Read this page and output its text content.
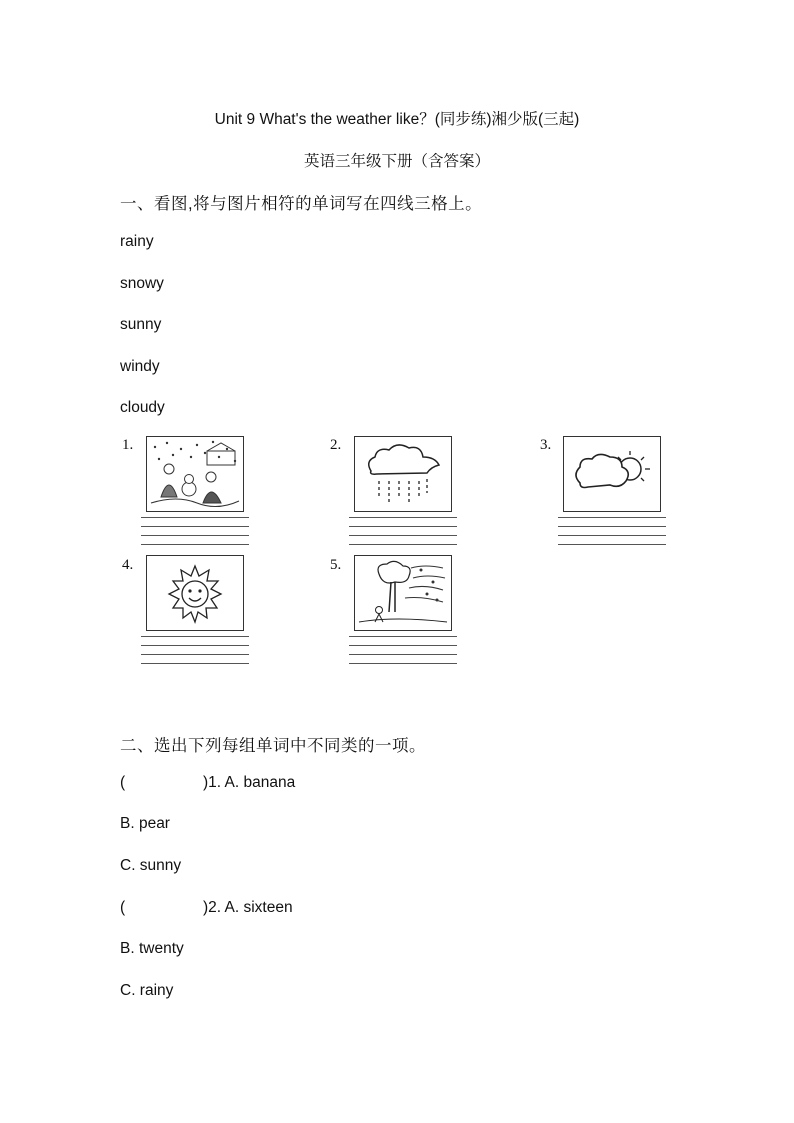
Unit 9 What's the weather like？(同步练)湘少版(三起)
英语三年级下册（含答案）
一、看图,将与图片相符的单词写在四线三格上。
rainy
snowy
sunny
windy
cloudy
1.	2.	3.
4.	5.
二、选出下列每组单词中不同类的一项。
(	)1. A. banana
B. pear
C. sunny
(	)2. A. sixteen
B. twenty
C. rainy
